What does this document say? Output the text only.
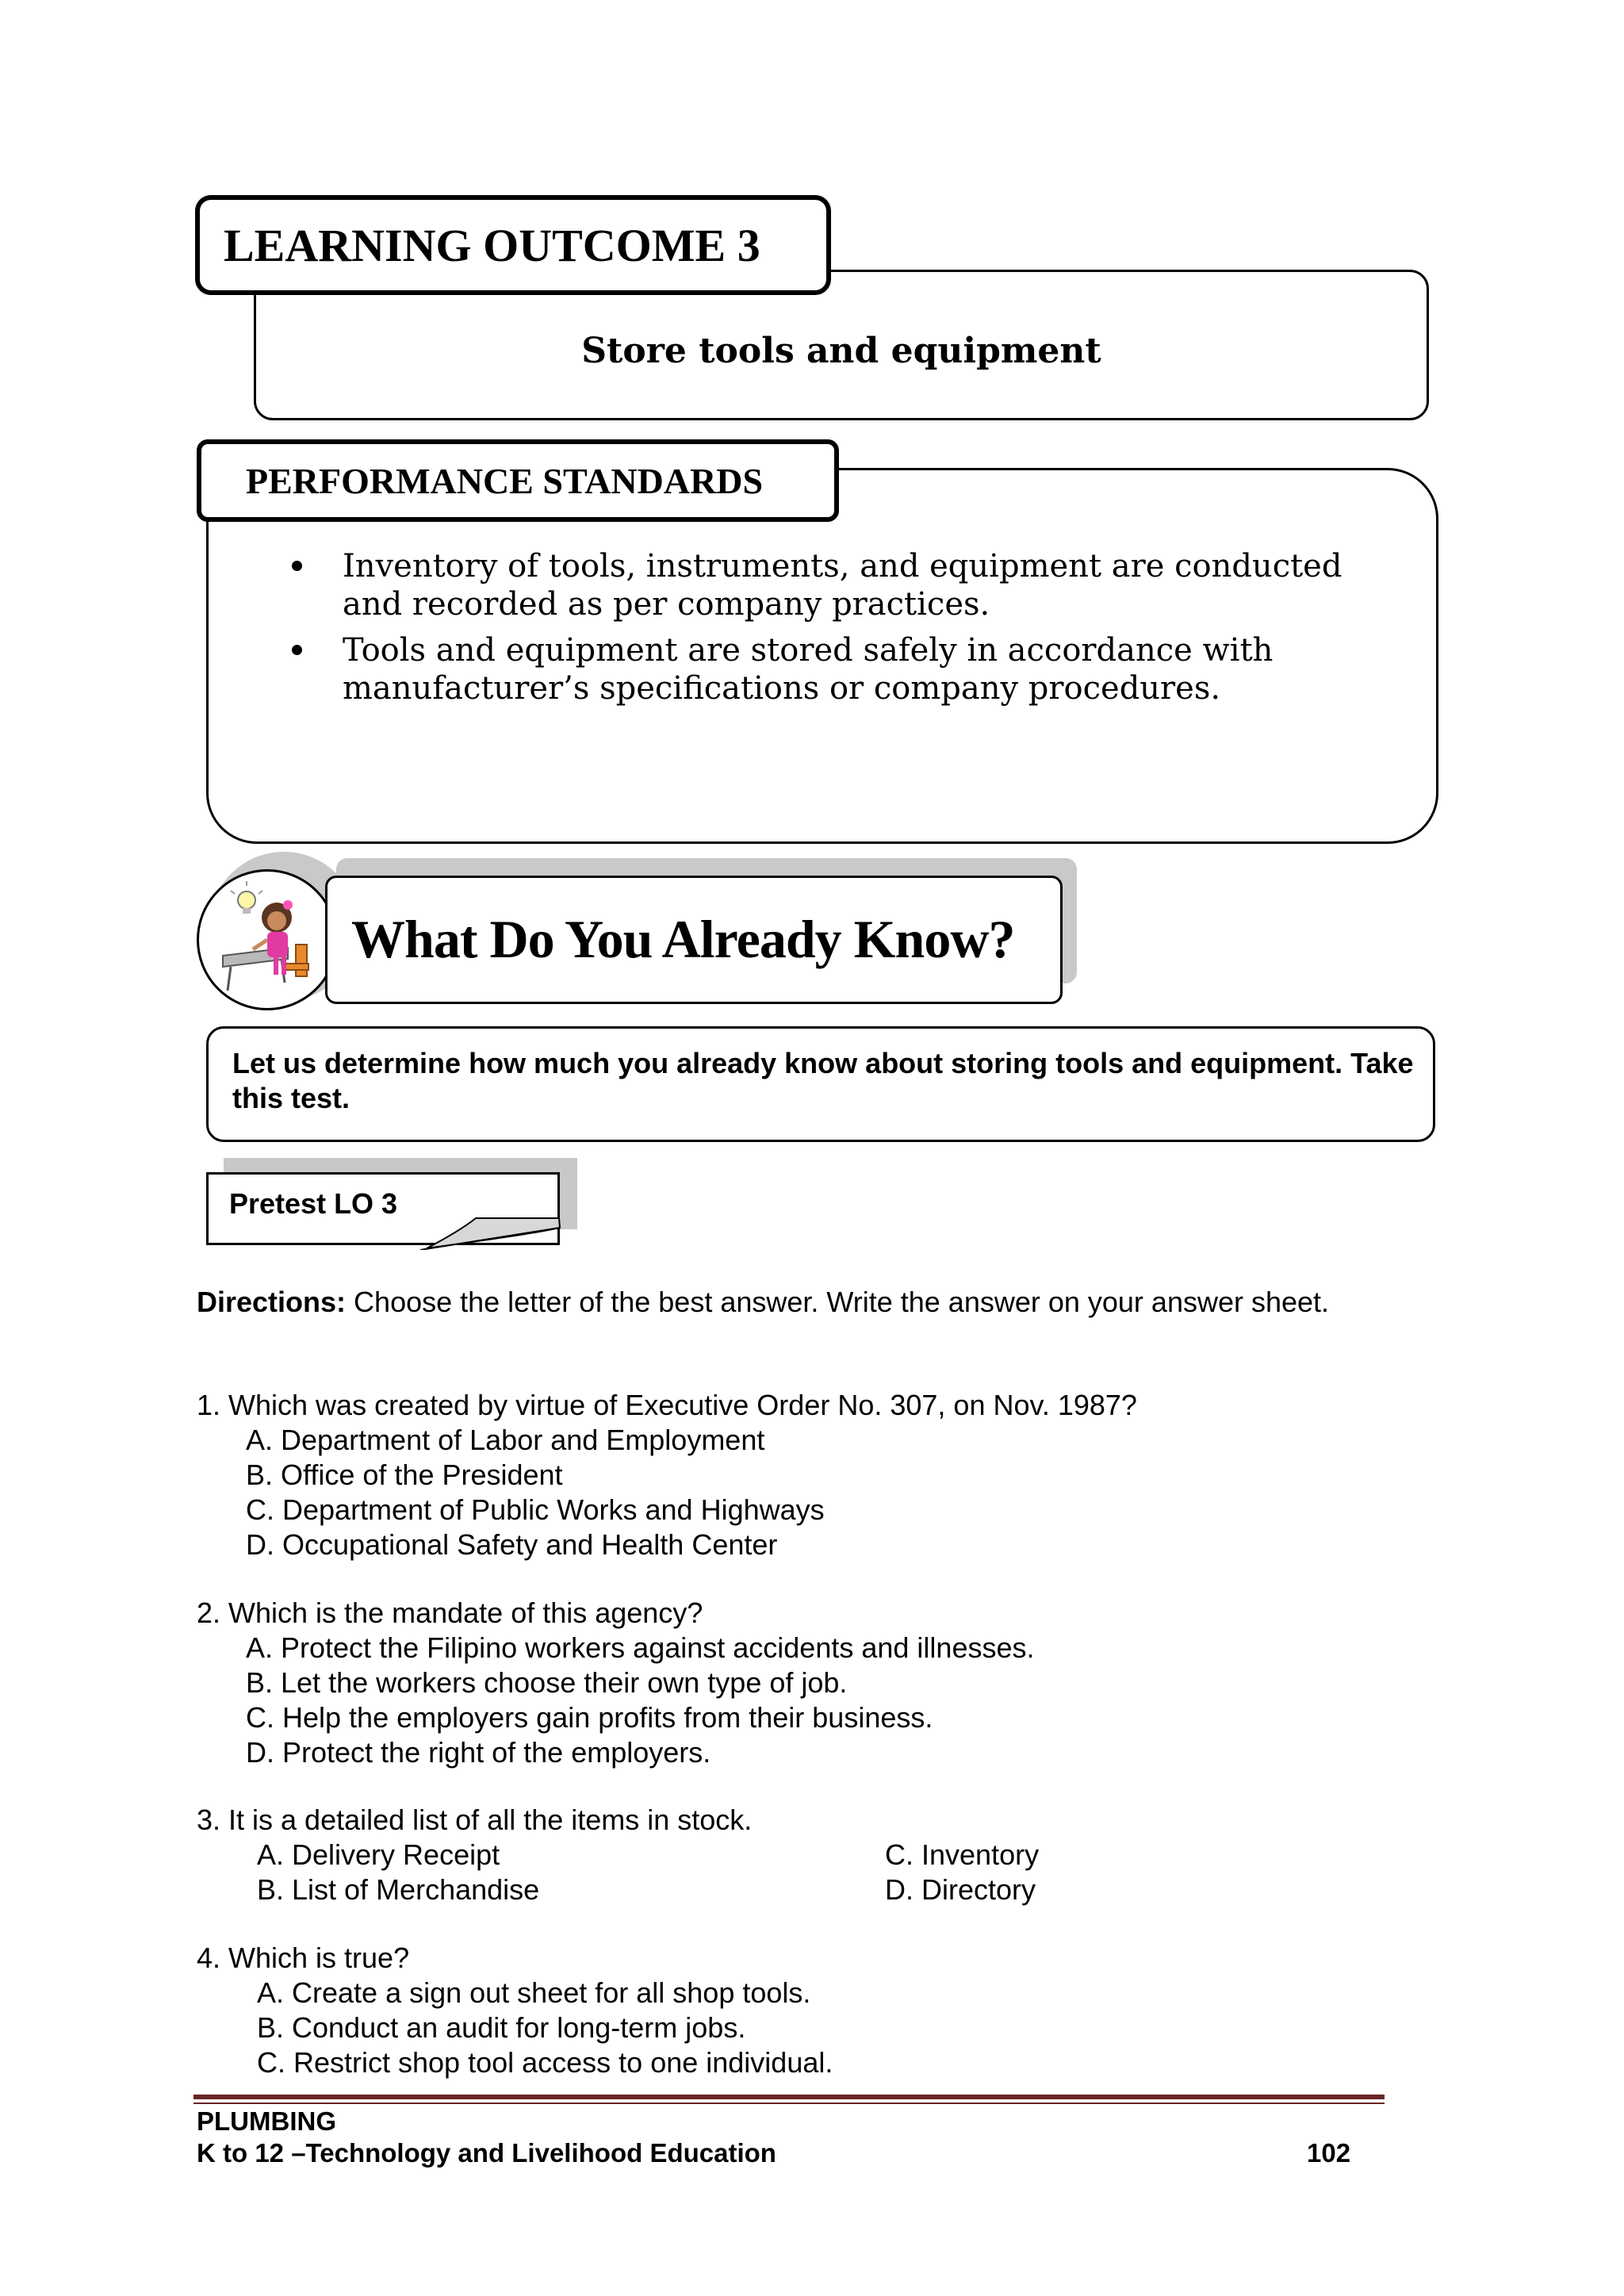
Store tools and equipment
LEARNING OUTCOME 3
PERFORMANCE STANDARDS
Inventory of tools, instruments, and equipment are conducted and recorded as per company practices.
Tools and equipment are stored safely in accordance with manufacturer’s specifications or company procedures.
What Do You Already Know?

Let us determine how much you already know about storing tools and equipment. Take this test.

Pretest LO 3

Directions: Choose the letter of the best answer. Write the answer on your answer sheet.

1. Which was created by virtue of Executive Order No. 307, on Nov. 1987?

A. Department of Labor and Employment

B. Office of the President

C. Department of Public Works and Highways

D. Occupational Safety and Health Center

2. Which is the mandate of this agency?

A. Protect the Filipino workers against accidents and illnesses.

B. Let the workers choose their own type of job.

C. Help the employers gain profits from their business.

D. Protect the right of the employers.

3. It is a detailed list of all the items in stock.

A. Delivery Receipt
B. List of Merchandise
C. Inventory
D. Directory

4. Which is true?

A. Create a sign out sheet for all shop tools.

B. Conduct an audit for long-term jobs.

C. Restrict shop tool access to one individual.

PLUMBING
K to 12 –Technology and Livelihood Education	102
